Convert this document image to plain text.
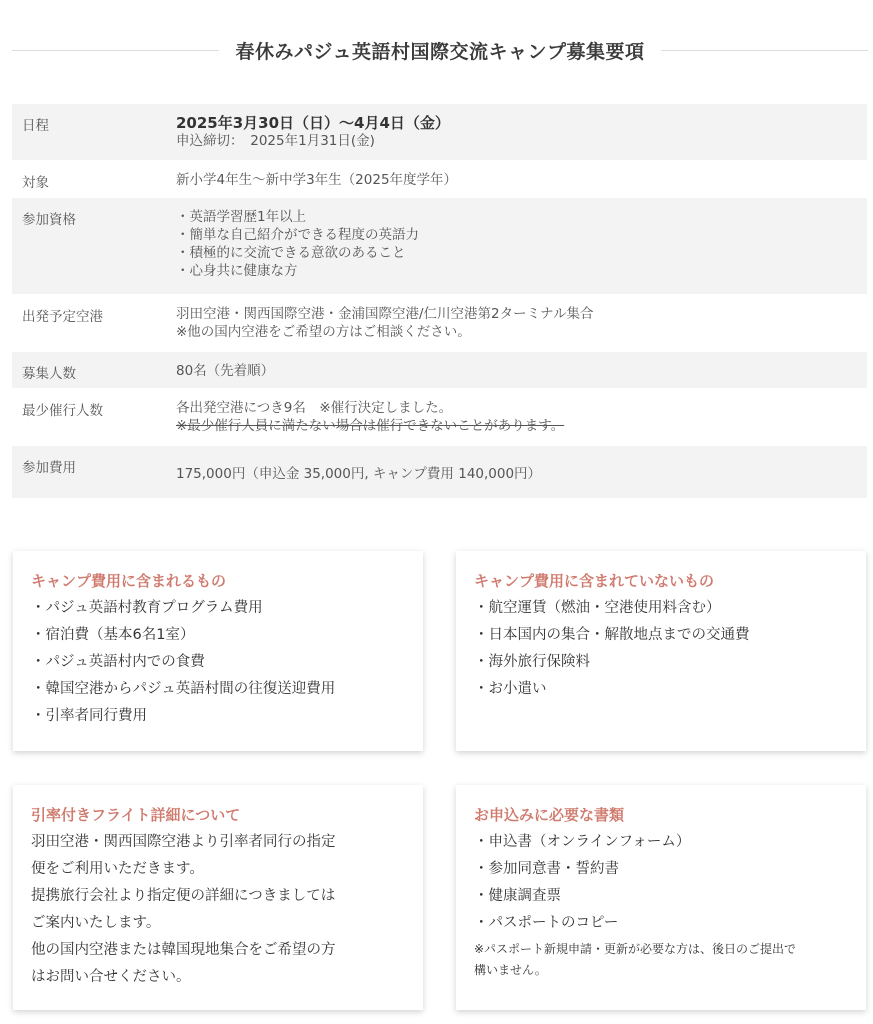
春休みパジュ英語村国際交流キャンプ募集要項
日程	2025年3月30日（日）〜4月4日（金）
申込締切：　2025年1月31日(金)
対象	新小学4年生〜新中学3年生（2025年度学年）
参加資格	・英語学習歴1年以上
・簡単な自己紹介ができる程度の英語力
・積極的に交流できる意欲のあること
・心身共に健康な方
出発予定空港	羽田空港・関西国際空港・金浦国際空港/仁川空港第2ターミナル集合
※他の国内空港をご希望の方はご相談ください。
募集人数	80名（先着順）
最少催行人数	各出発空港につき9名　※催行決定しました。
※最少催行人員に満たない場合は催行できないことがあります。
参加費用	175,000円（申込金 35,000円, キャンプ費用 140,000円）
キャンプ費用に含まれるもの
・パジュ英語村教育プログラム費用
・宿泊費（基本6名1室）
・パジュ英語村内での食費
・韓国空港からパジュ英語村間の往復送迎費用
・引率者同行費用
キャンプ費用に含まれていないもの
・航空運賃（燃油・空港使用料含む）
・日本国内の集合・解散地点までの交通費
・海外旅行保険料
・お小遣い
引率付きフライト詳細について
羽田空港・関西国際空港より引率者同行の指定
便をご利用いただきます。
提携旅行会社より指定便の詳細につきましては
ご案内いたします。
他の国内空港または韓国現地集合をご希望の方
はお問い合せください。
お申込みに必要な書類
・申込書（オンラインフォーム）
・参加同意書・誓約書
・健康調査票
・パスポートのコピー
※パスポート新規申請・更新が必要な方は、後日のご提出で
構いません。
